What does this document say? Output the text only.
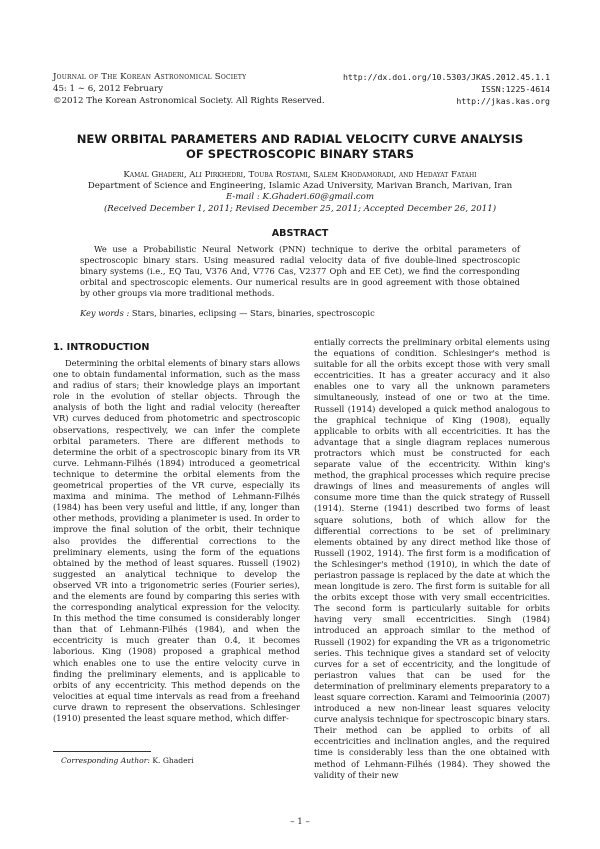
Journal of The Korean Astronomical Society
45: 1 ∼ 6, 2012 February
©2012 The Korean Astronomical Society. All Rights Reserved.
http://dx.doi.org/10.5303/JKAS.2012.45.1.1
ISSN:1225-4614
http://jkas.kas.org
NEW ORBITAL PARAMETERS AND RADIAL VELOCITY CURVE ANALYSIS
OF SPECTROSCOPIC BINARY STARS
Kamal Ghaderi, Ali Pirkhedri, Touba Rostami, Salem Khodamoradi, and Hedayat Fatahi
Department of Science and Engineering, Islamic Azad University, Marivan Branch, Marivan, Iran
E-mail : K.Ghaderi.60@gmail.com
(Received December 1, 2011; Revised December 25, 2011; Accepted December 26, 2011)
ABSTRACT

We use a Probabilistic Neural Network (PNN) technique to derive the orbital parameters of spectroscopic binary stars. Using measured radial velocity data of five double-lined spectroscopic binary systems (i.e., EQ Tau, V376 And, V776 Cas, V2377 Oph and EE Cet), we find the corresponding orbital and spectroscopic elements. Our numerical results are in good agreement with those obtained by other groups via more traditional methods.

Key words : Stars, binaries, eclipsing — Stars, binaries, spectroscopic
1. INTRODUCTION

Determining the orbital elements of binary stars allows one to obtain fundamental information, such as the mass and radius of stars; their knowledge plays an important role in the evolution of stellar objects. Through the analysis of both the light and radial velocity (hereafter VR) curves deduced from photometric and spectroscopic observations, respectively, we can infer the complete orbital parameters. There are different methods to determine the orbit of a spectroscopic binary from its VR curve. Lehmann-Filhés (1894) introduced a geometrical technique to determine the orbital elements from the geometrical properties of the VR curve, especially its maxima and minima. The method of Lehmann-Filhés (1984) has been very useful and little, if any, longer than other methods, providing a planimeter is used. In order to improve the final solution of the orbit, their technique also provides the differential corrections to the preliminary elements, using the form of the equations obtained by the method of least squares. Russell (1902) suggested an analytical technique to develop the observed VR into a trigonometric series (Fourier series), and the elements are found by comparing this series with the corresponding analytical expression for the velocity. In this method the time consumed is considerably longer than that of Lehmann-Filhés (1984), and when the eccentricity is much greater than 0.4, it becomes laborious. King (1908) proposed a graphical method which enables one to use the entire velocity curve in finding the preliminary elements, and is applicable to orbits of any eccentricity. This method depends on the velocities at equal time intervals as read from a freehand curve drawn to represent the observations. Schlesinger (1910) presented the least square method, which differ-

entially corrects the preliminary orbital elements using the equations of condition. Schlesinger's method is suitable for all the orbits except those with very small eccentricities. It has a greater accuracy and it also enables one to vary all the unknown parameters simultaneously, instead of one or two at the time. Russell (1914) developed a quick method analogous to the graphical technique of King (1908), equally applicable to orbits with all eccentricities. It has the advantage that a single diagram replaces numerous protractors which must be constructed for each separate value of the eccentricity. Within king's method, the graphical processes which require precise drawings of lines and measurements of angles will consume more time than the quick strategy of Russell (1914). Sterne (1941) described two forms of least square solutions, both of which allow for the differential corrections to be set of preliminary elements obtained by any direct method like those of Russell (1902, 1914). The first form is a modification of the Schlesinger's method (1910), in which the date of periastron passage is replaced by the date at which the mean longitude is zero. The first form is suitable for all the orbits except those with very small eccentricities. The second form is particularly suitable for orbits having very small eccentricities. Singh (1984) introduced an approach similar to the method of Russell (1902) for expanding the VR as a trigonometric series. This technique gives a standard set of velocity curves for a set of eccentricity, and the longitude of periastron values that can be used for the determination of preliminary elements preparatory to a least square correction. Karami and Teimoorinia (2007) introduced a new non-linear least squares velocity curve analysis technique for spectroscopic binary stars. Their method can be applied to orbits of all eccentricities and inclination angles, and the required time is considerably less than the one obtained with method of Lehmann-Filhés (1984). They showed the validity of their new

Corresponding Author: K. Ghaderi
– 1 –
